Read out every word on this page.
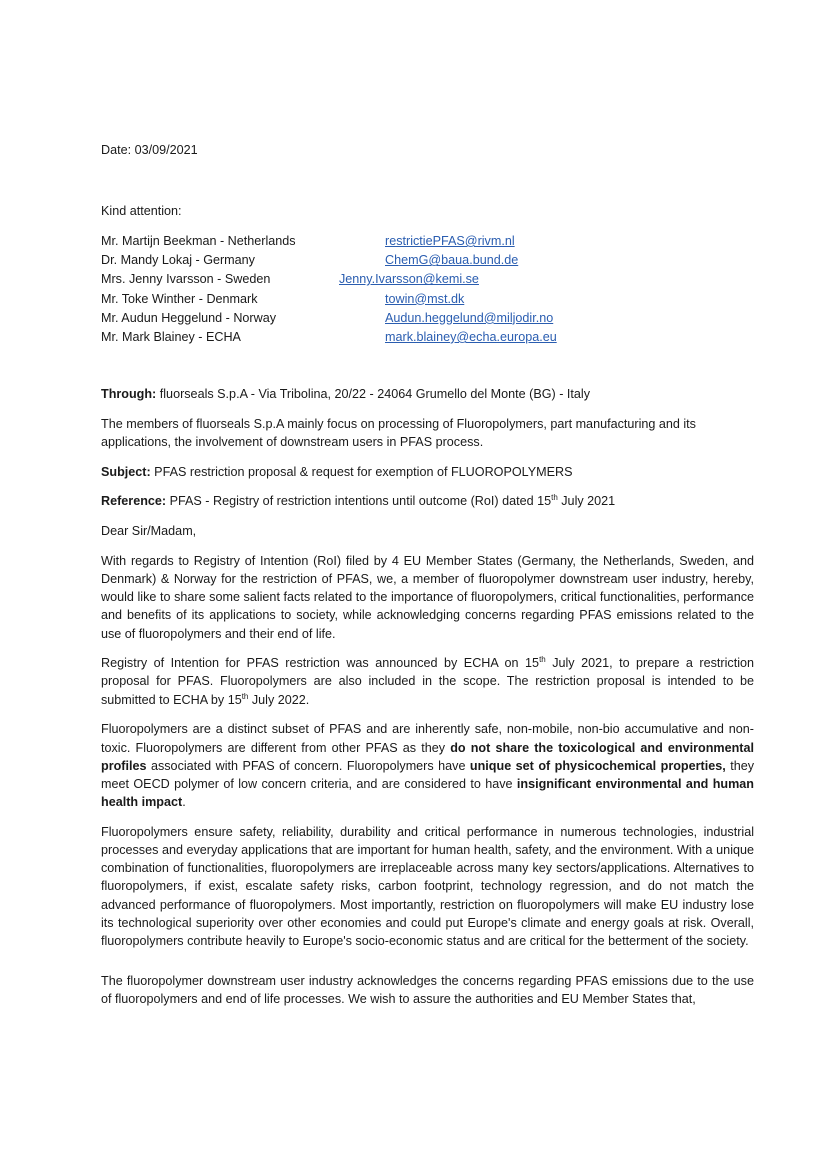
Date: 03/09/2021
Kind attention:
Mr. Martijn Beekman - Netherlands	restrictiePFAS@rivm.nl
Dr. Mandy Lokaj - Germany	ChemG@baua.bund.de
Mrs. Jenny Ivarsson - Sweden	Jenny.Ivarsson@kemi.se
Mr. Toke Winther - Denmark	towin@mst.dk
Mr. Audun Heggelund - Norway	Audun.heggelund@miljodir.no
Mr. Mark Blainey - ECHA	mark.blainey@echa.europa.eu

Through: fluorseals S.p.A - Via Tribolina, 20/22 - 24064 Grumello del Monte (BG) - Italy

The members of fluorseals S.p.A mainly focus on processing of Fluoropolymers, part manufacturing and its applications, the involvement of downstream users in PFAS process.

Subject: PFAS restriction proposal & request for exemption of FLUOROPOLYMERS

Reference: PFAS - Registry of restriction intentions until outcome (RoI) dated 15th July 2021

Dear Sir/Madam,

With regards to Registry of Intention (RoI) filed by 4 EU Member States (Germany, the Netherlands, Sweden, and Denmark) & Norway for the restriction of PFAS, we, a member of fluoropolymer downstream user industry, hereby, would like to share some salient facts related to the importance of fluoropolymers, critical functionalities, performance and benefits of its applications to society, while acknowledging concerns regarding PFAS emissions related to the use of fluoropolymers and their end of life.

Registry of Intention for PFAS restriction was announced by ECHA on 15th July 2021, to prepare a restriction proposal for PFAS. Fluoropolymers are also included in the scope. The restriction proposal is intended to be submitted to ECHA by 15th July 2022.

Fluoropolymers are a distinct subset of PFAS and are inherently safe, non-mobile, non-bio accumulative and non-toxic. Fluoropolymers are different from other PFAS as they do not share the toxicological and environmental profiles associated with PFAS of concern. Fluoropolymers have unique set of physicochemical properties, they meet OECD polymer of low concern criteria, and are considered to have insignificant environmental and human health impact.

Fluoropolymers ensure safety, reliability, durability and critical performance in numerous technologies, industrial processes and everyday applications that are important for human health, safety, and the environment. With a unique combination of functionalities, fluoropolymers are irreplaceable across many key sectors/applications. Alternatives to fluoropolymers, if exist, escalate safety risks, carbon footprint, technology regression, and do not match the advanced performance of fluoropolymers. Most importantly, restriction on fluoropolymers will make EU industry lose its technological superiority over other economies and could put Europe's climate and energy goals at risk. Overall, fluoropolymers contribute heavily to Europe's socio-economic status and are critical for the betterment of the society.

The fluoropolymer downstream user industry acknowledges the concerns regarding PFAS emissions due to the use of fluoropolymers and end of life processes. We wish to assure the authorities and EU Member States that,
